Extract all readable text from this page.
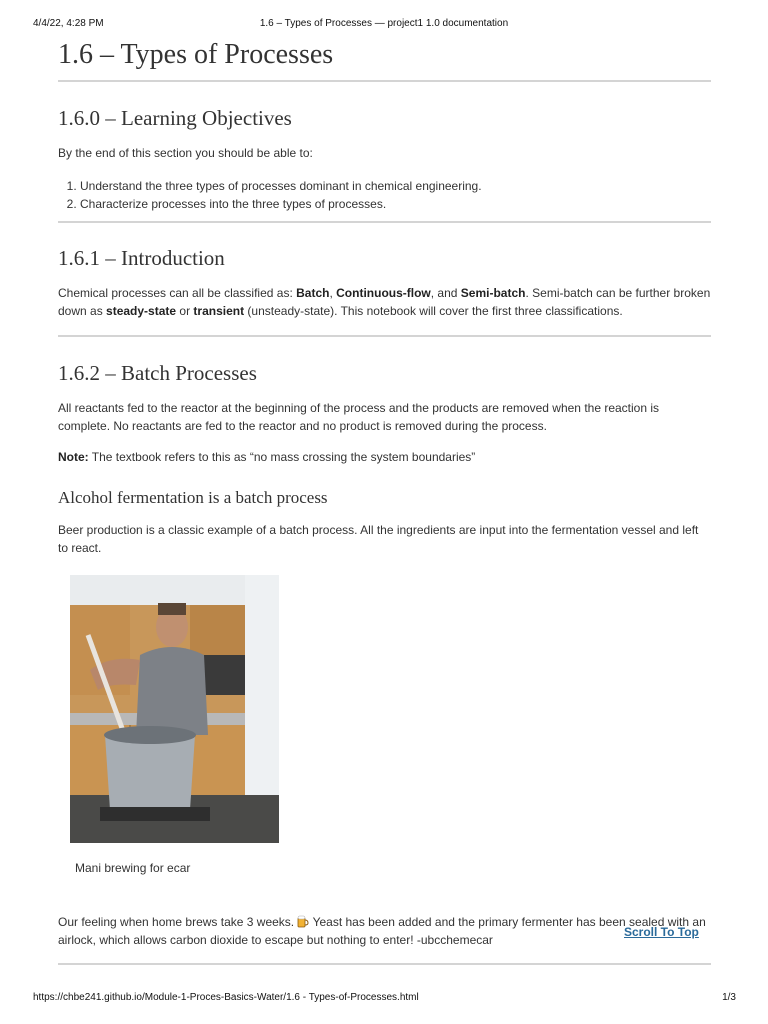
4/4/22, 4:28 PM	1.6 – Types of Processes — project1 1.0 documentation
1.6 – Types of Processes
1.6.0 – Learning Objectives

By the end of this section you should be able to:

1. Understand the three types of processes dominant in chemical engineering.
2. Characterize processes into the three types of processes.
1.6.1 – Introduction

Chemical processes can all be classified as: Batch, Continuous-flow, and Semi-batch. Semi-batch can be further broken down as steady-state or transient (unsteady-state). This notebook will cover the first three classifications.

1.6.2 – Batch Processes

All reactants fed to the reactor at the beginning of the process and the products are removed when the reaction is complete. No reactants are fed to the reactor and no product is removed during the process.

Note: The textbook refers to this as “no mass crossing the system boundaries”

Alcohol fermentation is a batch process

Beer production is a classic example of a batch process. All the ingredients are input into the fermentation vessel and left to react.

Mani brewing for ecar

Our feeling when home brews take 3 weeks.  Yeast has been added and the primary fermenter has been sealed with an airlock, which allows carbon dioxide to escape but nothing to enter! -ubcchemecar

Scroll To Top
https://chbe241.github.io/Module-1-Proces-Basics-Water/1.6 - Types-of-Processes.html	1/3
